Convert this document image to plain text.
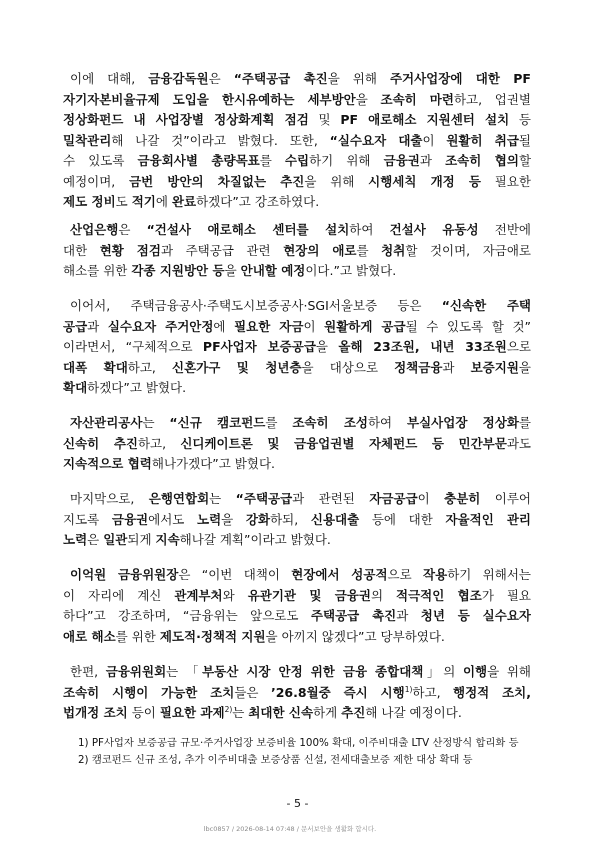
이에 대해, 금융감독원은 “주택공급 촉진을 위해 주거사업장에 대한 PF
자기자본비율규제 도입을 한시유예하는 세부방안을 조속히 마련하고, 업권별
정상화펀드 내 사업장별 정상화계획 점검 및 PF 애로해소 지원센터 설치 등
밀착관리해 나갈 것”이라고 밝혔다. 또한, “실수요자 대출이 원활히 취급될
수 있도록 금융회사별 총량목표를 수립하기 위해 금융권과 조속히 협의할
예정이며, 금번 방안의 차질없는 추진을 위해 시행세칙 개정 등 필요한
제도 정비도 적기에 완료하겠다”고 강조하였다.
산업은행은 “건설사 애로해소 센터를 설치하여 건설사 유동성 전반에
대한 현황 점검과 주택공급 관련 현장의 애로를 청취할 것이며, 자금애로
해소를 위한 각종 지원방안 등을 안내할 예정이다.”고 밝혔다.
이어서, 주택금융공사·주택도시보증공사·SGI서울보증 등은 “신속한 주택
공급과 실수요자 주거안정에 필요한 자금이 원활하게 공급될 수 있도록 할 것”
이라면서, “구체적으로 PF사업자 보증공급을 올해 23조원, 내년 33조원으로
대폭 확대하고, 신혼가구 및 청년층을 대상으로 정책금융과 보증지원을
확대하겠다”고 밝혔다.
자산관리공사는 “신규 캠코펀드를 조속히 조성하여 부실사업장 정상화를
신속히 추진하고, 신디케이트론 및 금융업권별 자체펀드 등 민간부문과도
지속적으로 협력해나가겠다”고 밝혔다.
마지막으로, 은행연합회는 “주택공급과 관련된 자금공급이 충분히 이루어
지도록 금융권에서도 노력을 강화하되, 신용대출 등에 대한 자율적인 관리
노력은 일관되게 지속해나갈 계획”이라고 밝혔다.
이억원 금융위원장은 “이번 대책이 현장에서 성공적으로 작용하기 위해서는
이 자리에 계신 관계부처와 유관기관 및 금융권의 적극적인 협조가 필요
하다”고 강조하며, “금융위는 앞으로도 주택공급 촉진과 청년 등 실수요자
애로 해소를 위한 제도적·정책적 지원을 아끼지 않겠다”고 당부하였다.
한편, 금융위원회는 「부동산 시장 안정 위한 금융 종합대책」의 이행을 위해
조속히 시행이 가능한 조치들은 ’26.8월중 즉시 시행$^{1)}$하고, 행정적 조치,
법개정 조치 등이 필요한 과제$^{2)}$는 최대한 신속하게 추진해 나갈 예정이다.
1) PF사업자 보증공급 규모·주거사업장 보증비율 100% 확대, 이주비대출 LTV 산정방식 합리화 등
2) 캠코펀드 신규 조성, 추가 이주비대출 보증상품 신설, 전세대출보증 제한 대상 확대 등
- 5 -
lbc0857 / 2026-08-14 07:48 / 문서보안을 생활화 합시다.
